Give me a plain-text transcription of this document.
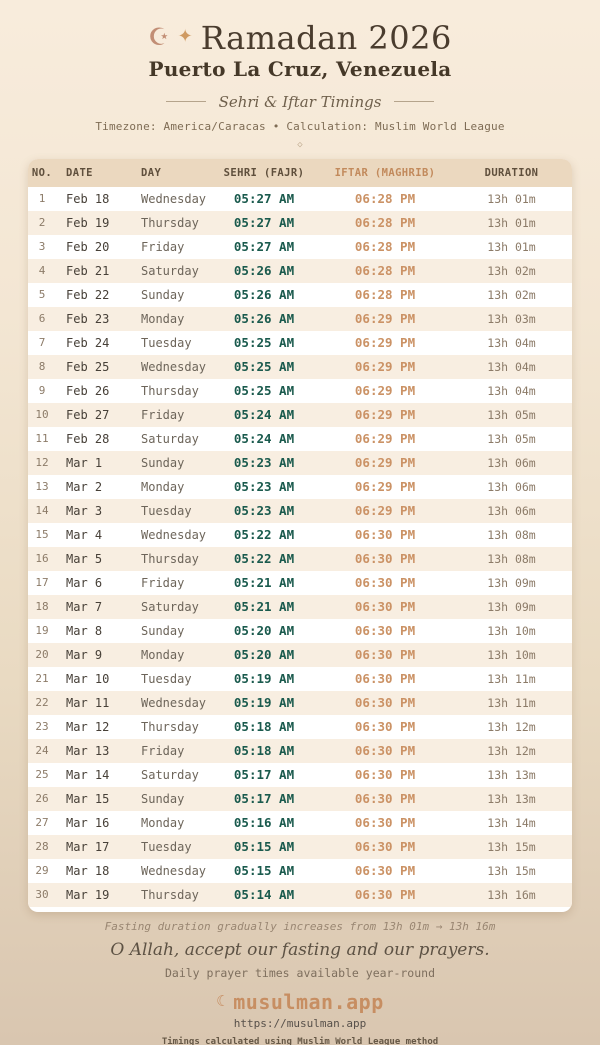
☪ ✦ Ramadan 2026
Puerto La Cruz, Venezuela
Sehri & Iftar Timings
Timezone: America/Caracas • Calculation: Muslim World League
◇
NO.	DATE	DAY	SEHRI (FAJR)	IFTAR (MAGHRIB)	DURATION
1	Feb 18	Wednesday	05:27 AM	06:28 PM	13h 01m
2	Feb 19	Thursday	05:27 AM	06:28 PM	13h 01m
3	Feb 20	Friday	05:27 AM	06:28 PM	13h 01m
4	Feb 21	Saturday	05:26 AM	06:28 PM	13h 02m
5	Feb 22	Sunday	05:26 AM	06:28 PM	13h 02m
6	Feb 23	Monday	05:26 AM	06:29 PM	13h 03m
7	Feb 24	Tuesday	05:25 AM	06:29 PM	13h 04m
8	Feb 25	Wednesday	05:25 AM	06:29 PM	13h 04m
9	Feb 26	Thursday	05:25 AM	06:29 PM	13h 04m
10	Feb 27	Friday	05:24 AM	06:29 PM	13h 05m
11	Feb 28	Saturday	05:24 AM	06:29 PM	13h 05m
12	Mar 1	Sunday	05:23 AM	06:29 PM	13h 06m
13	Mar 2	Monday	05:23 AM	06:29 PM	13h 06m
14	Mar 3	Tuesday	05:23 AM	06:29 PM	13h 06m
15	Mar 4	Wednesday	05:22 AM	06:30 PM	13h 08m
16	Mar 5	Thursday	05:22 AM	06:30 PM	13h 08m
17	Mar 6	Friday	05:21 AM	06:30 PM	13h 09m
18	Mar 7	Saturday	05:21 AM	06:30 PM	13h 09m
19	Mar 8	Sunday	05:20 AM	06:30 PM	13h 10m
20	Mar 9	Monday	05:20 AM	06:30 PM	13h 10m
21	Mar 10	Tuesday	05:19 AM	06:30 PM	13h 11m
22	Mar 11	Wednesday	05:19 AM	06:30 PM	13h 11m
23	Mar 12	Thursday	05:18 AM	06:30 PM	13h 12m
24	Mar 13	Friday	05:18 AM	06:30 PM	13h 12m
25	Mar 14	Saturday	05:17 AM	06:30 PM	13h 13m
26	Mar 15	Sunday	05:17 AM	06:30 PM	13h 13m
27	Mar 16	Monday	05:16 AM	06:30 PM	13h 14m
28	Mar 17	Tuesday	05:15 AM	06:30 PM	13h 15m
29	Mar 18	Wednesday	05:15 AM	06:30 PM	13h 15m
30	Mar 19	Thursday	05:14 AM	06:30 PM	13h 16m
Fasting duration gradually increases from 13h 01m → 13h 16m
O Allah, accept our fasting and our prayers.
Daily prayer times available year-round
☾ musulman.app
https://musulman.app
Timings calculated using Muslim World League method
